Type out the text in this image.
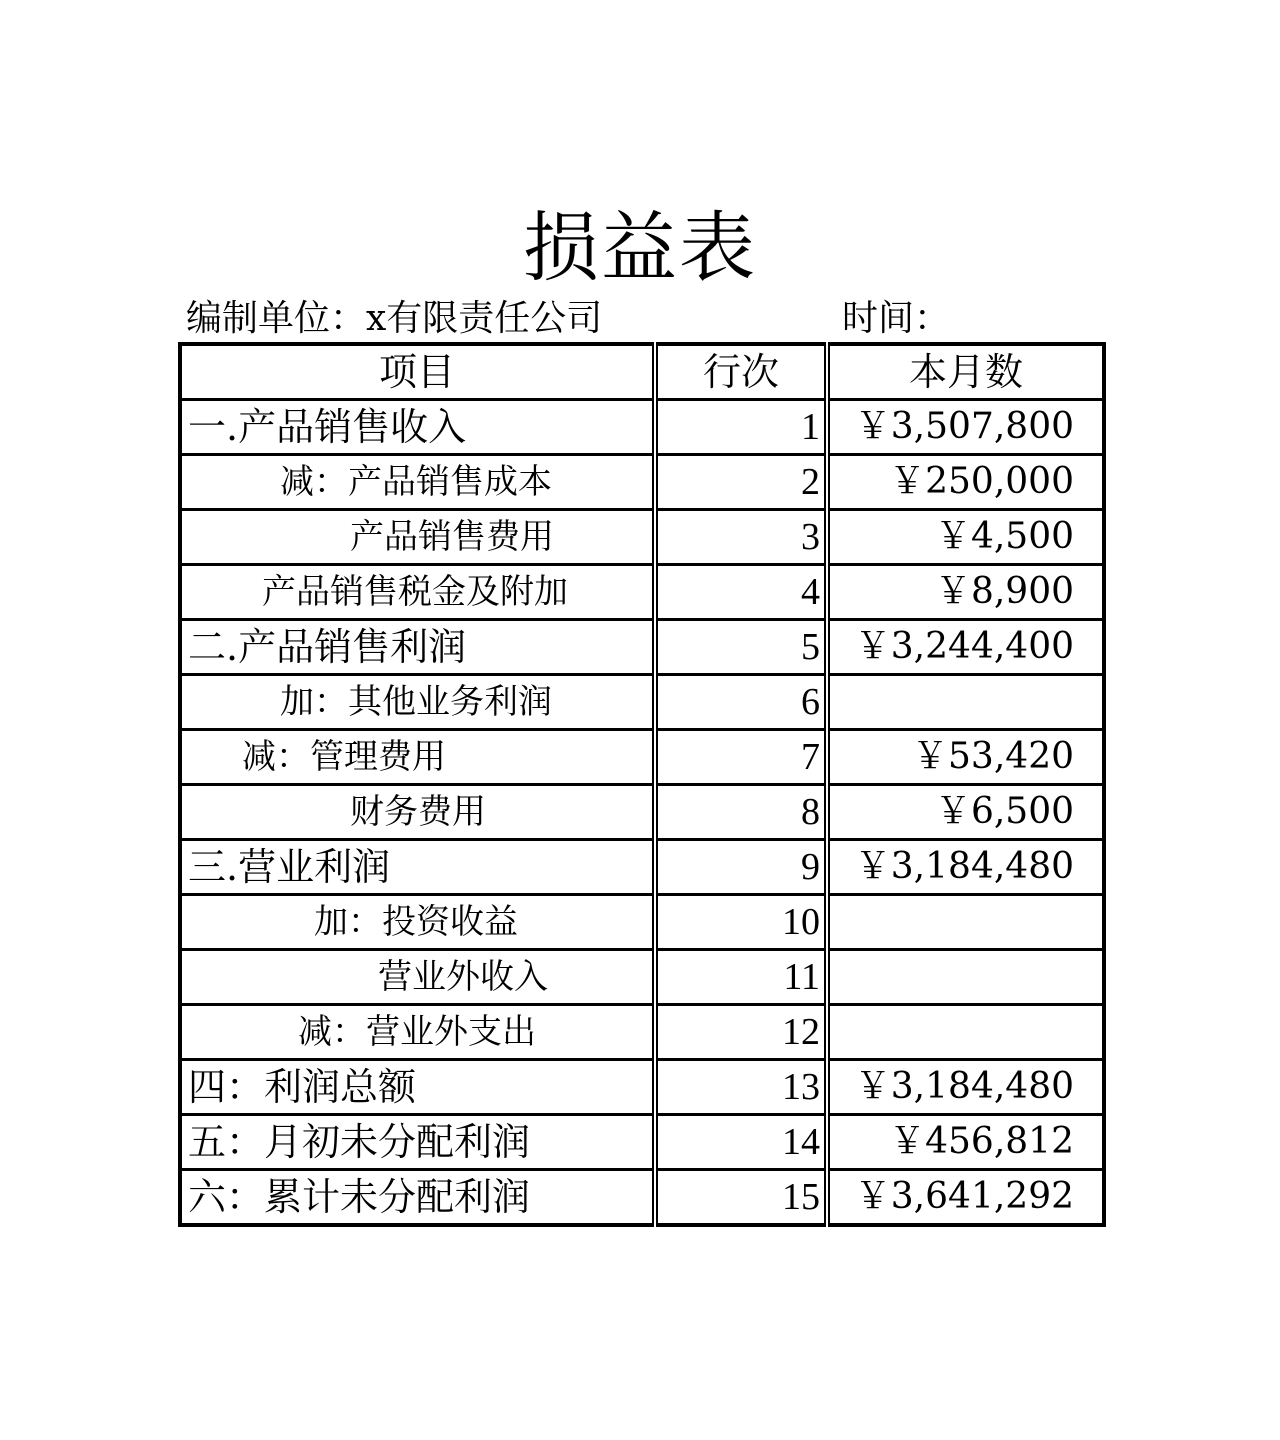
损益表
编制单位：x有限责任公司	时间：
项目	行次	本月数
一.产品销售收入	1	￥3,507,800
减：产品销售成本	2	￥250,000
产品销售费用	3	￥4,500
产品销售税金及附加	4	￥8,900
二.产品销售利润	5	￥3,244,400
加：其他业务利润	6	
减：管理费用	7	￥53,420
财务费用	8	￥6,500
三.营业利润	9	￥3,184,480
加：投资收益	10	
营业外收入	11	
减：营业外支出	12	
四：利润总额	13	￥3,184,480
五：月初未分配利润	14	￥456,812
六：累计未分配利润	15	￥3,641,292
